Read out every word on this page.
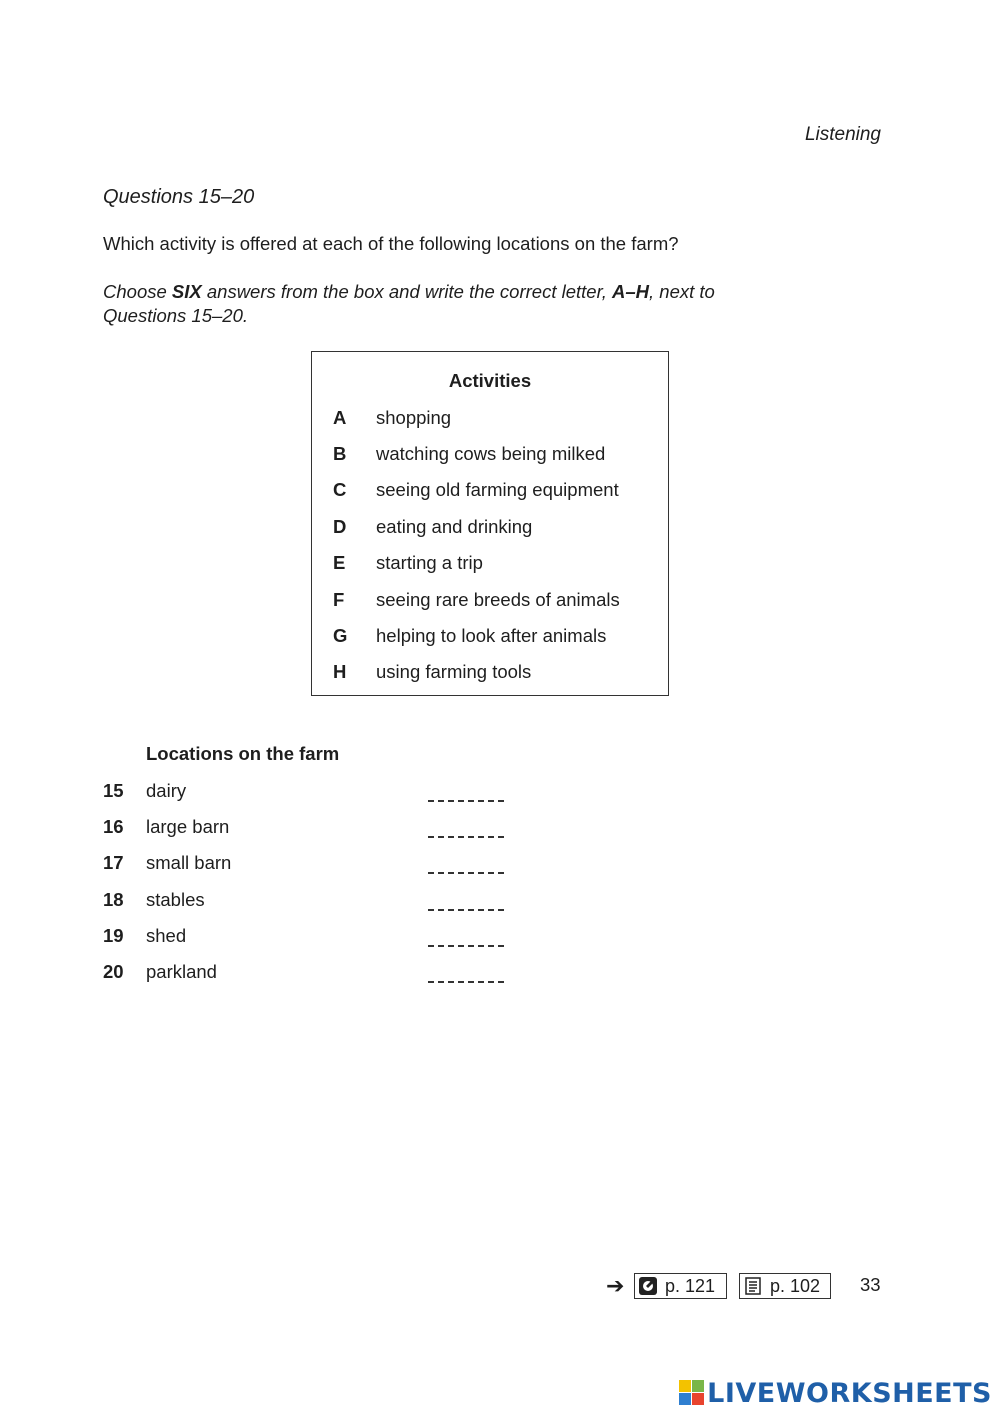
Listening
Questions 15–20
Which activity is offered at each of the following locations on the farm?
Choose SIX answers from the box and write the correct letter, A–H, next to Questions 15–20.
Activities
A shopping
B watching cows being milked
C seeing old farming equipment
D eating and drinking
E starting a trip
F seeing rare breeds of animals
G helping to look after animals
H using farming tools
Locations on the farm
15 dairy
16 large barn
17 small barn
18 stables
19 shed
20 parkland
➔ p. 121	p. 102 33
LIVEWORKSHEETS
